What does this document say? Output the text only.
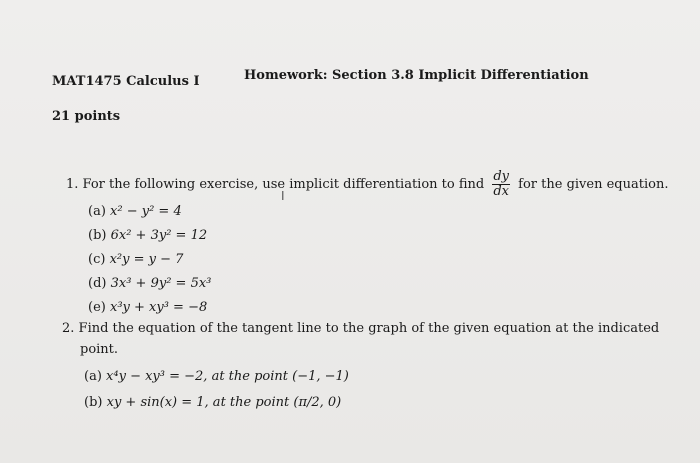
MAT1475 Calculus I	Homework: Section 3.8 Implicit Differentiation
21 points
1. For the following exercise, use implicit differentiation to find $\frac{dy}{dx}$ for the given equation.
I
(a) x² − y² = 4
(b) 6x² + 3y² = 12
(c) x²y = y − 7
(d) 3x³ + 9y² = 5x³
(e) x³y + xy³ = −8
2. Find the equation of the tangent line to the graph of the given equation at the indicated
point.
(a) x⁴y − xy³ = −2, at the point (−1, −1)
(b) xy + sin(x) = 1, at the point (π/2, 0)
